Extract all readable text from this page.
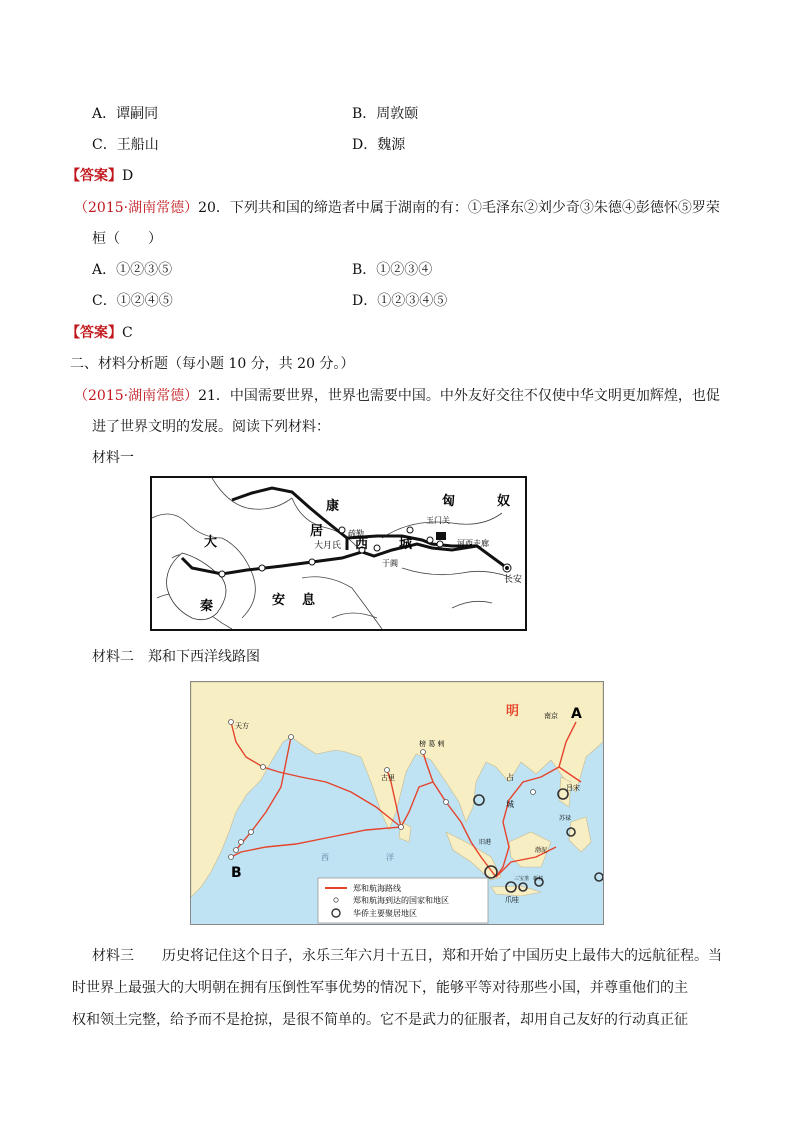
A．谭嗣同	B．周敦颐
C．王船山	D．魏源
【答案】D
（2015·湖南常德）20．下列共和国的缔造者中属于湖南的有：①毛泽东②刘少奇③朱德④彭德怀⑤罗荣
桓（　　）
A．①②③⑤	B．①②③④
C．①②④⑤	D．①②③④⑤
【答案】C
二、材料分析题（每小题 10 分，共 20 分。）
（2015·湖南常德）21．中国需要世界，世界也需要中国。中外友好交往不仅使中华文明更加辉煌，也促
进了世界文明的发展。阅读下列材料：
材料一
康	匈	奴
居	疏勒
玉门关
大	大月氏 西 城	河西走廊
于阗
长安
秦	安 息
材料二　郑和下西洋线路图
明	南京 A
B
天方
古里
榜 葛 剌
占
城
吕宋
苏禄
西	洋
旧港
爪哇
三宝垄 新村
渤泥
郑和航海路线
郑和航海到达的国家和地区
华侨主要聚居地区
材料三　　历史将记住这个日子，永乐三年六月十五日，郑和开始了中国历史上最伟大的远航征程。当
时世界上最强大的大明朝在拥有压倒性军事优势的情况下，能够平等对待那些小国，并尊重他们的主
权和领土完整，给予而不是抢掠，是很不简单的。它不是武力的征服者，却用自己友好的行动真正征
